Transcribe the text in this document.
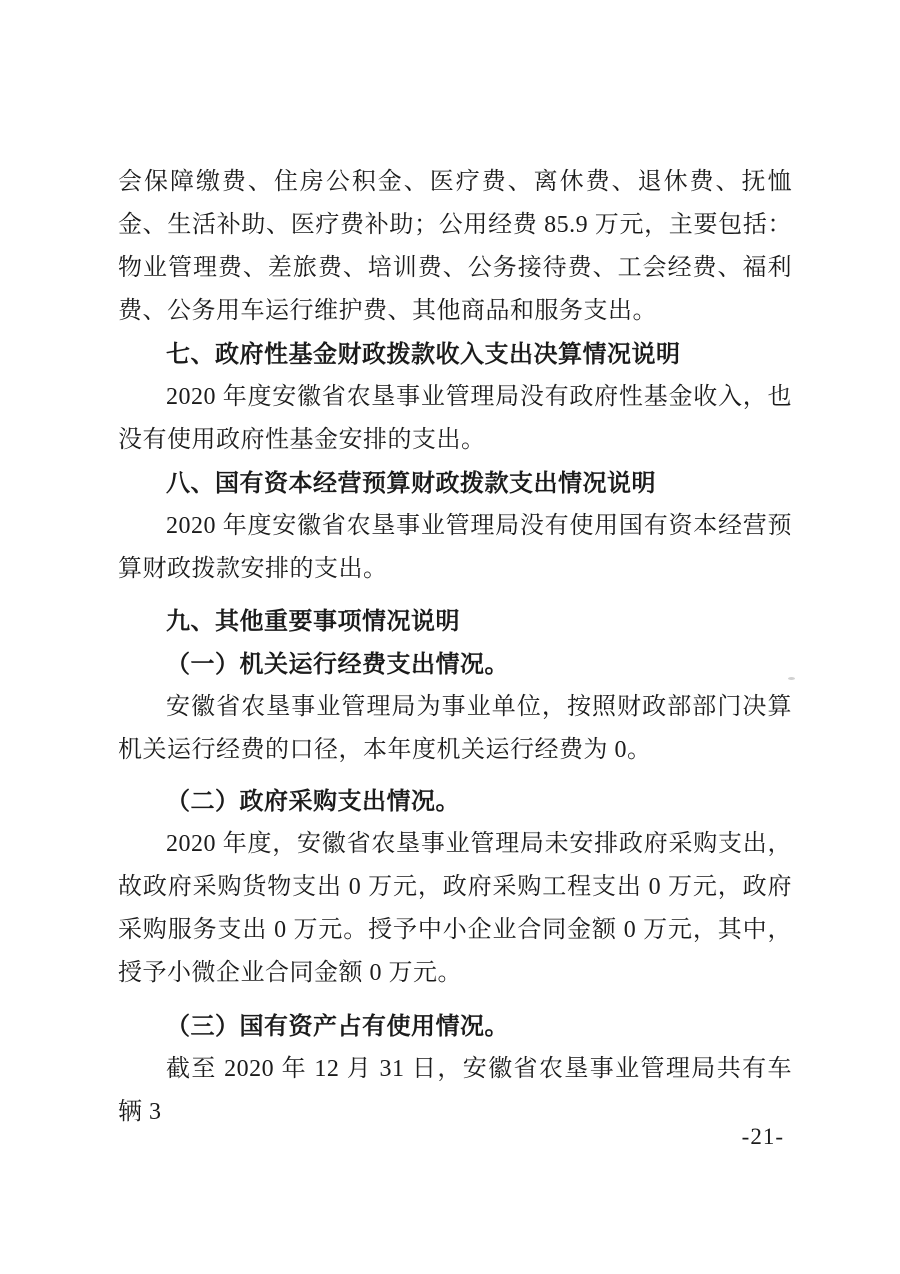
会保障缴费、住房公积金、医疗费、离休费、退休费、抚恤金、生活补助、医疗费补助；公用经费 85.9 万元，主要包括：物业管理费、差旅费、培训费、公务接待费、工会经费、福利费、公务用车运行维护费、其他商品和服务支出。

七、政府性基金财政拨款收入支出决算情况说明

2020 年度安徽省农垦事业管理局没有政府性基金收入，也没有使用政府性基金安排的支出。

八、国有资本经营预算财政拨款支出情况说明

2020 年度安徽省农垦事业管理局没有使用国有资本经营预算财政拨款安排的支出。

九、其他重要事项情况说明

（一）机关运行经费支出情况。

安徽省农垦事业管理局为事业单位，按照财政部部门决算机关运行经费的口径，本年度机关运行经费为 0。

（二）政府采购支出情况。

2020 年度，安徽省农垦事业管理局未安排政府采购支出，故政府采购货物支出 0 万元，政府采购工程支出 0 万元，政府采购服务支出 0 万元。授予中小企业合同金额 0 万元，其中，授予小微企业合同金额 0 万元。

（三）国有资产占有使用情况。

截至 2020 年 12 月 31 日，安徽省农垦事业管理局共有车辆 3

-21-
